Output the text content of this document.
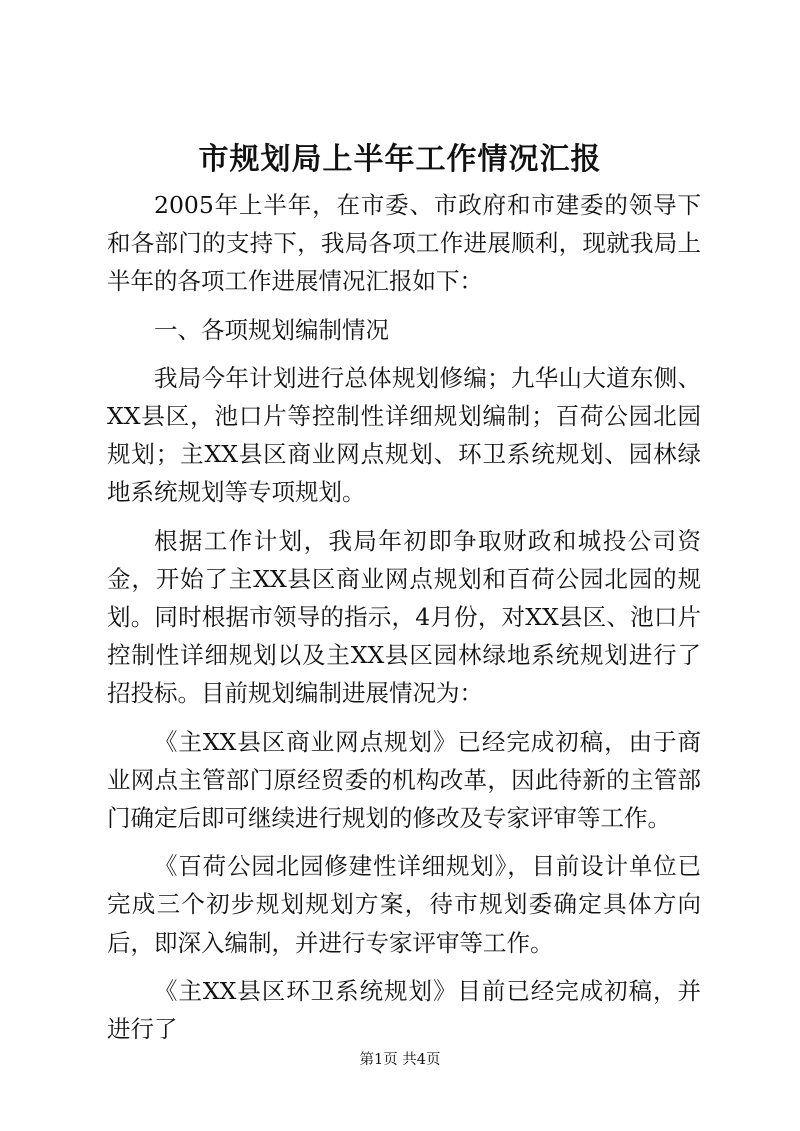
市规划局上半年工作情况汇报

2005年上半年，在市委、市政府和市建委的领导下和各部门的支持下，我局各项工作进展顺利，现就我局上半年的各项工作进展情况汇报如下：

一、各项规划编制情况

我局今年计划进行总体规划修编；九华山大道东侧、XX县区，池口片等控制性详细规划编制；百荷公园北园规划；主XX县区商业网点规划、环卫系统规划、园林绿地系统规划等专项规划。

根据工作计划，我局年初即争取财政和城投公司资金，开始了主XX县区商业网点规划和百荷公园北园的规划。同时根据市领导的指示，4月份，对XX县区、池口片控制性详细规划以及主XX县区园林绿地系统规划进行了招投标。目前规划编制进展情况为：

《主XX县区商业网点规划》已经完成初稿，由于商业网点主管部门原经贸委的机构改革，因此待新的主管部门确定后即可继续进行规划的修改及专家评审等工作。

《百荷公园北园修建性详细规划》，目前设计单位已完成三个初步规划规划方案，待市规划委确定具体方向后，即深入编制，并进行专家评审等工作。

《主XX县区环卫系统规划》目前已经完成初稿，并进行了

第1页 共4页
